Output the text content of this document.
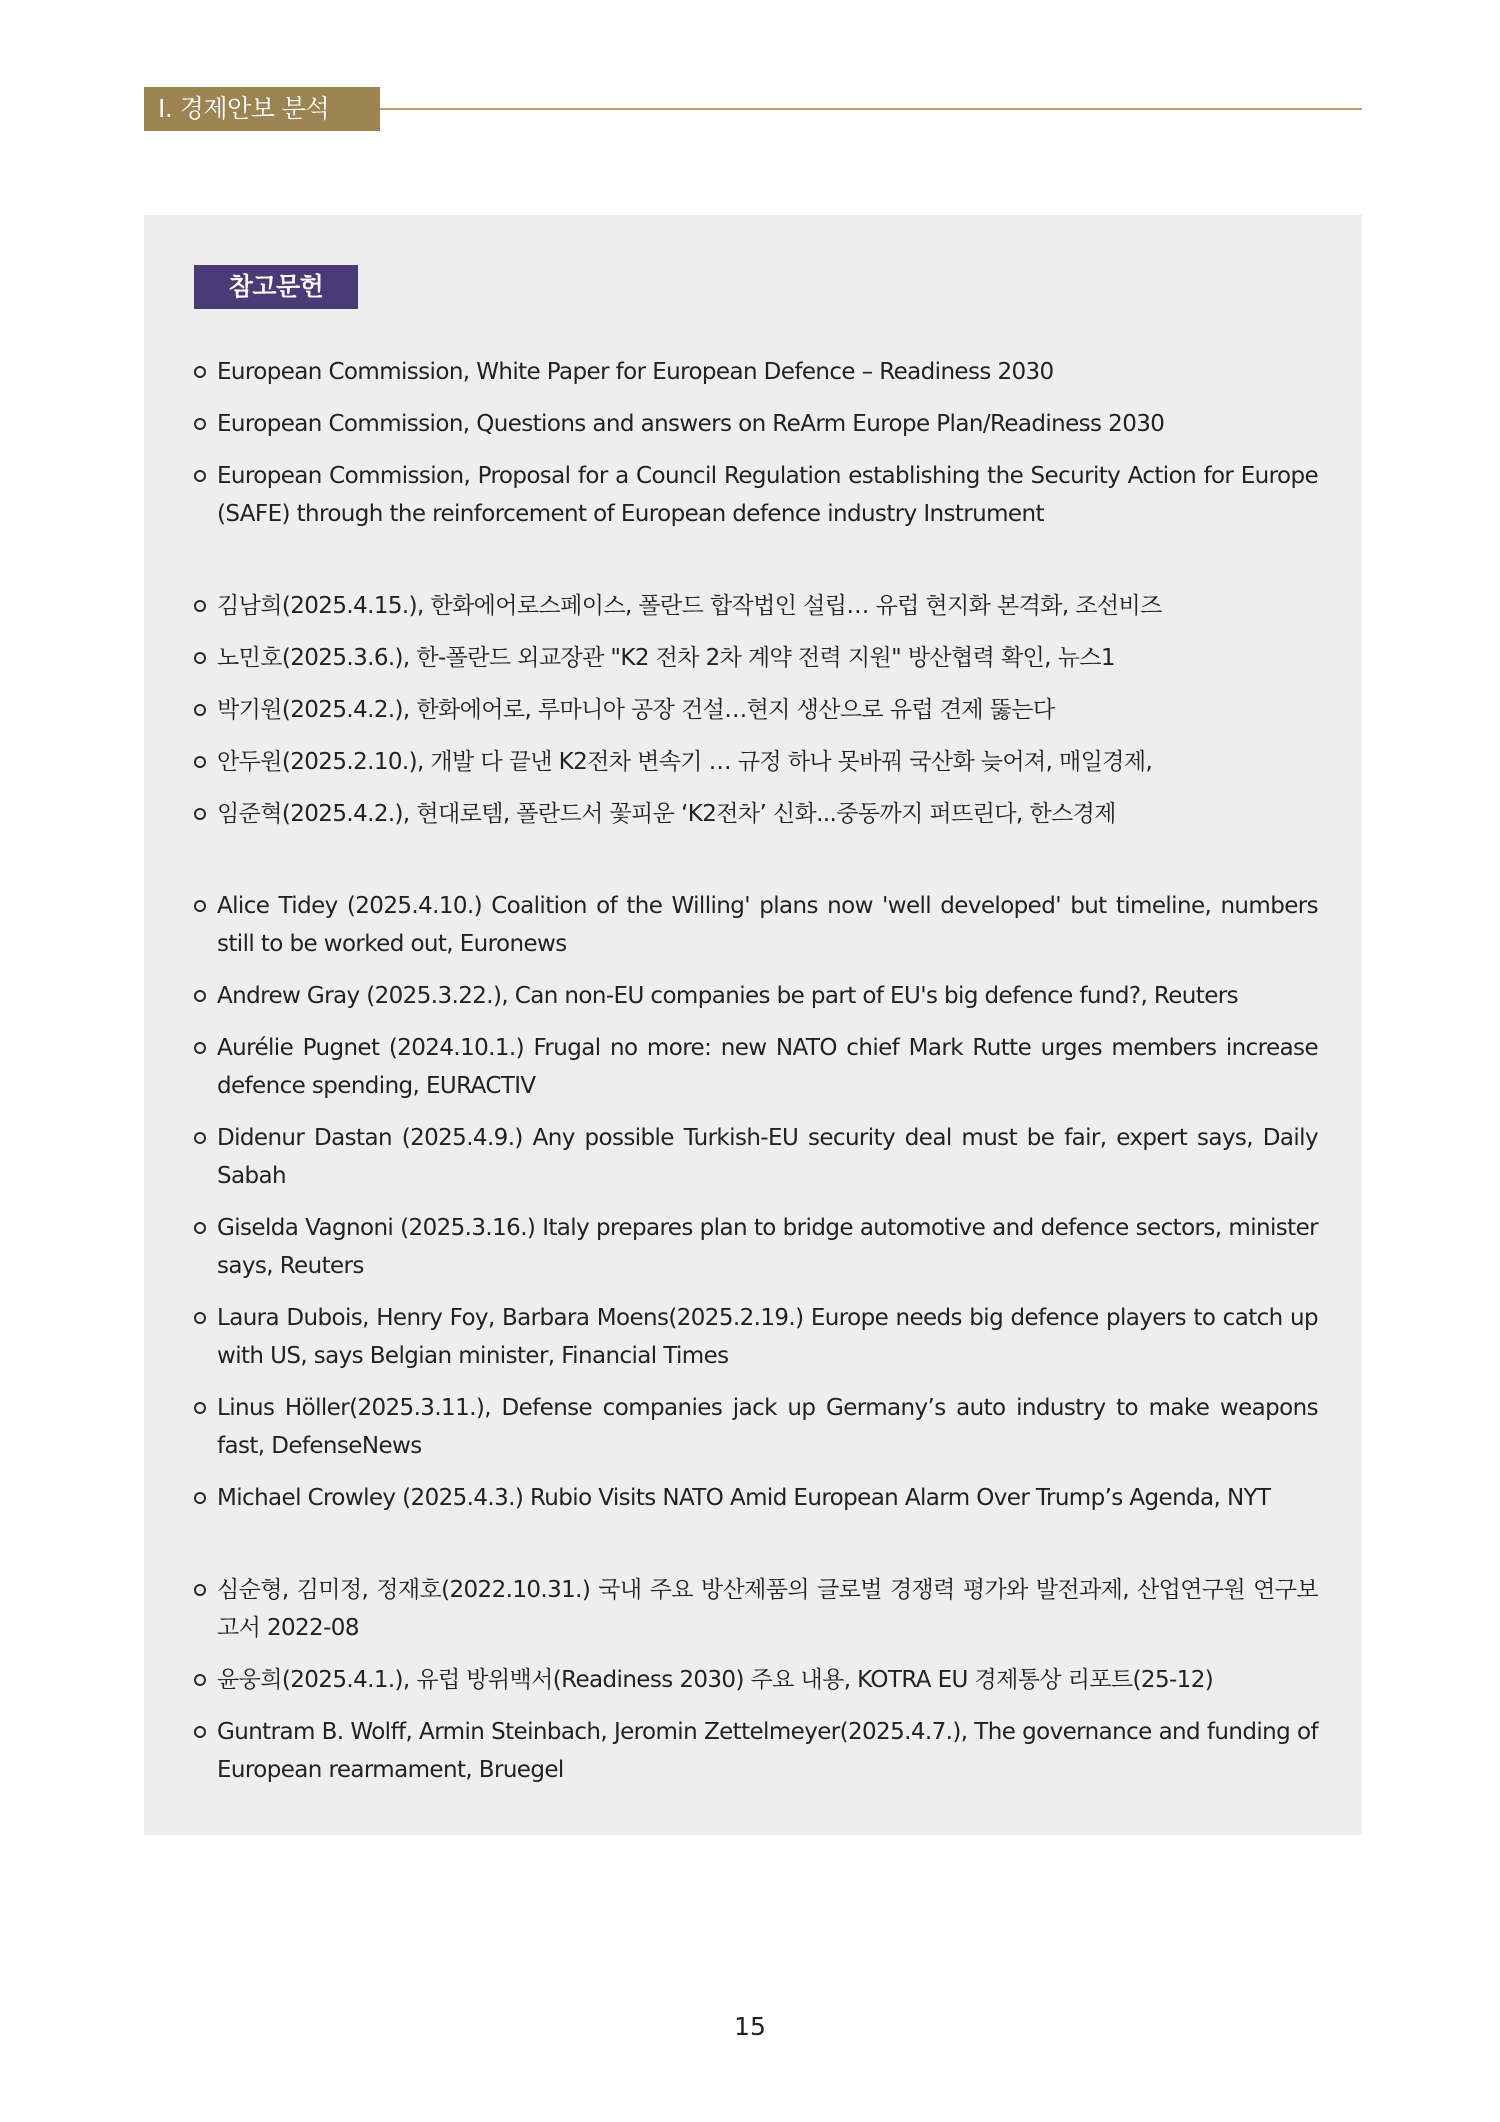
Ⅰ. 경제안보 분석
참고문헌
European Commission, White Paper for European Defence – Readiness 2030
European Commission, Questions and answers on ReArm Europe Plan/Readiness 2030
European Commission, Proposal for a Council Regulation establishing the Security Action for Europe (SAFE) through the reinforcement of European defence industry Instrument
김남희(2025.4.15.), 한화에어로스페이스, 폴란드 합작법인 설립… 유럽 현지화 본격화, 조선비즈
노민호(2025.3.6.), 한-폴란드 외교장관 "K2 전차 2차 계약 전력 지원" 방산협력 확인, 뉴스1
박기원(2025.4.2.), 한화에어로, 루마니아 공장 건설…현지 생산으로 유럽 견제 뚫는다
안두원(2025.2.10.), 개발 다 끝낸 K2전차 변속기 … 규정 하나 못바꿔 국산화 늦어져, 매일경제,
임준혁(2025.4.2.), 현대로템, 폴란드서 꽃피운 ‘K2전차’ 신화...중동까지 퍼뜨린다, 한스경제
Alice Tidey (2025.4.10.) Coalition of the Willing' plans now 'well developed' but timeline, numbers still to be worked out, Euronews
Andrew Gray (2025.3.22.), Can non-EU companies be part of EU's big defence fund?, Reuters
Aurélie Pugnet (2024.10.1.) Frugal no more: new NATO chief Mark Rutte urges members increase defence spending, EURACTIV
Didenur Dastan (2025.4.9.) Any possible Turkish-EU security deal must be fair, expert says, Daily Sabah
Giselda Vagnoni (2025.3.16.) Italy prepares plan to bridge automotive and defence sectors, minister says, Reuters
Laura Dubois, Henry Foy, Barbara Moens(2025.2.19.) Europe needs big defence players to catch up with US, says Belgian minister, Financial Times
Linus Höller(2025.3.11.), Defense companies jack up Germany’s auto industry to make weapons fast, DefenseNews
Michael Crowley (2025.4.3.) Rubio Visits NATO Amid European Alarm Over Trump’s Agenda, NYT
심순형, 김미정, 정재호(2022.10.31.) 국내 주요 방산제품의 글로벌 경쟁력 평가와 발전과제, 산업연구원 연구보고서 2022-08
윤웅희(2025.4.1.), 유럽 방위백서(Readiness 2030) 주요 내용, KOTRA EU 경제통상 리포트(25-12)
Guntram B. Wolff, Armin Steinbach, Jeromin Zettelmeyer(2025.4.7.), The governance and funding of European rearmament, Bruegel
15
